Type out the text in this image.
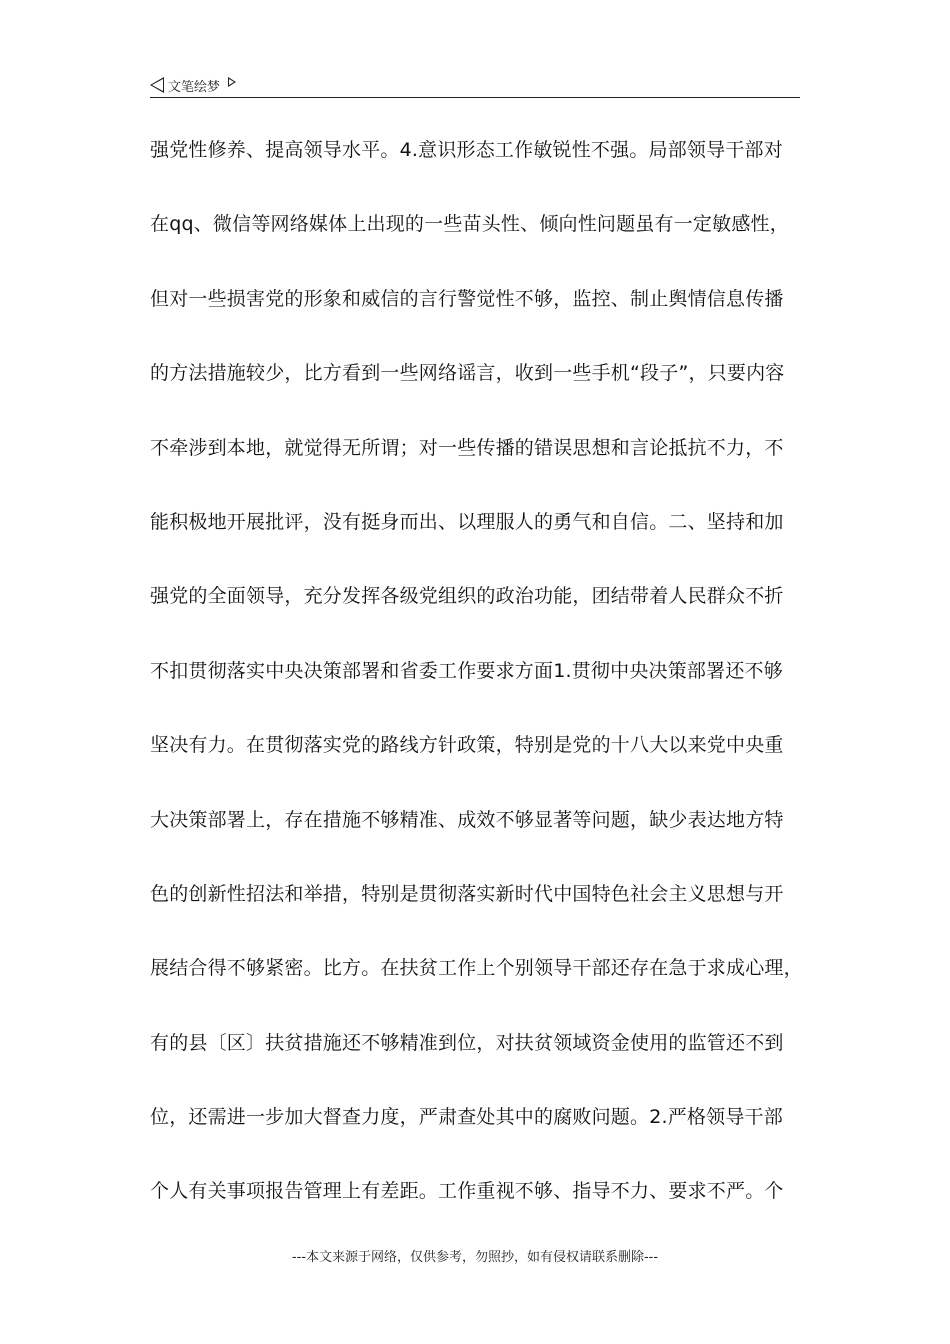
文笔绘梦
强党性修养、提高领导水平。4.意识形态工作敏锐性不强。局部领导干部对
在qq、微信等网络媒体上出现的一些苗头性、倾向性问题虽有一定敏感性，
但对一些损害党的形象和威信的言行警觉性不够，监控、制止舆情信息传播
的方法措施较少，比方看到一些网络谣言，收到一些手机“段子”，只要内容
不牵涉到本地，就觉得无所谓；对一些传播的错误思想和言论抵抗不力，不
能积极地开展批评，没有挺身而出、以理服人的勇气和自信。二、坚持和加
强党的全面领导，充分发挥各级党组织的政治功能，团结带着人民群众不折
不扣贯彻落实中央决策部署和省委工作要求方面1.贯彻中央决策部署还不够
坚决有力。在贯彻落实党的路线方针政策，特别是党的十八大以来党中央重
大决策部署上，存在措施不够精准、成效不够显著等问题，缺少表达地方特
色的创新性招法和举措，特别是贯彻落实新时代中国特色社会主义思想与开
展结合得不够紧密。比方。在扶贫工作上个别领导干部还存在急于求成心理，
有的县〔区〕扶贫措施还不够精准到位，对扶贫领域资金使用的监管还不到
位，还需进一步加大督查力度，严肃查处其中的腐败问题。2.严格领导干部
个人有关事项报告管理上有差距。工作重视不够、指导不力、要求不严。个
---本文来源于网络，仅供参考，勿照抄，如有侵权请联系删除---
